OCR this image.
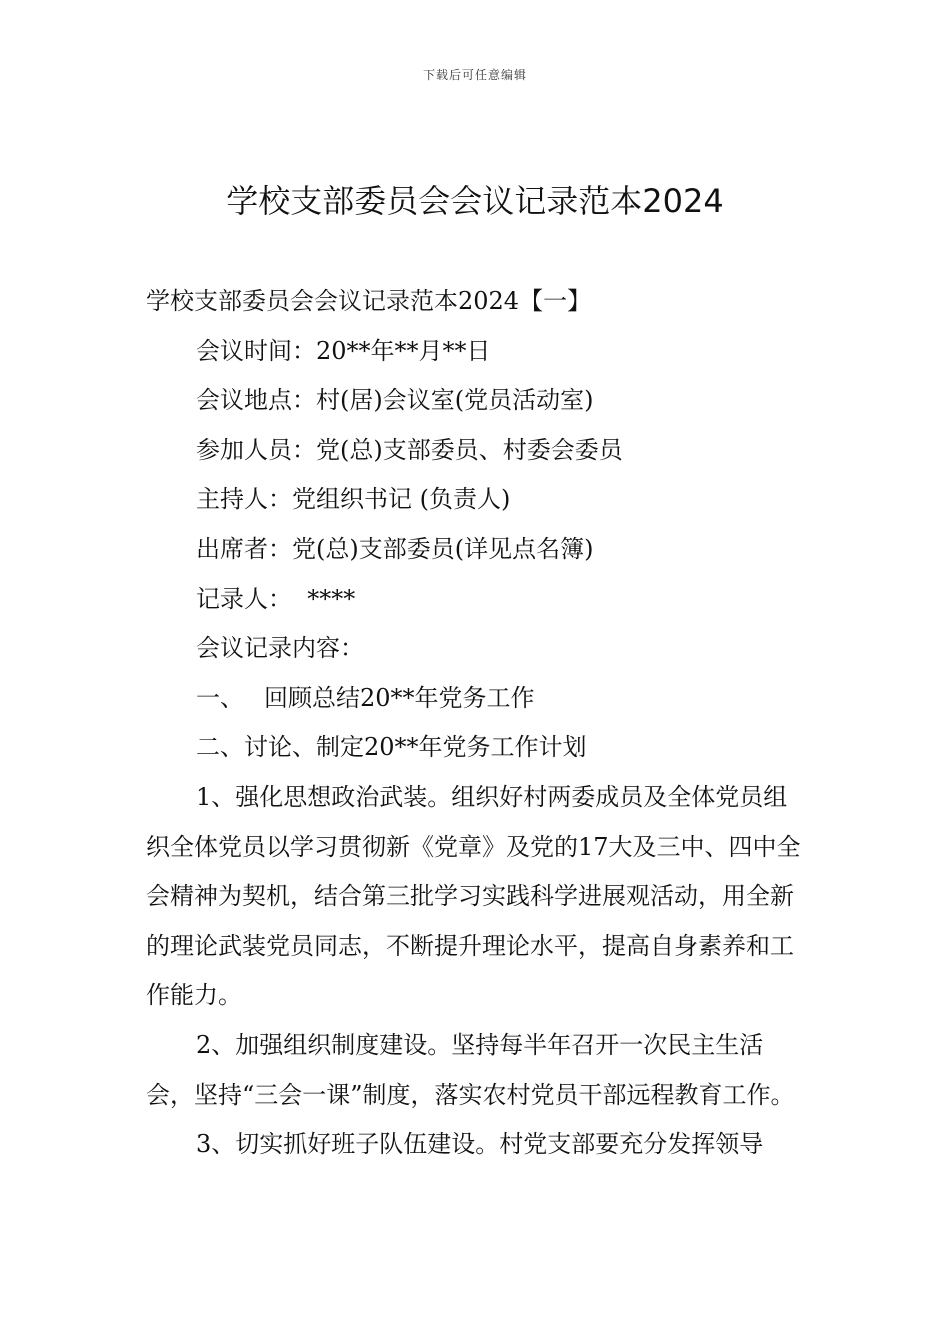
下载后可任意编辑
学校支部委员会会议记录范本2024

学校支部委员会会议记录范本2024【一】

会议时间：20**年**月**日

会议地点：村(居)会议室(党员活动室)

参加人员：党(总)支部委员、村委会委员

主持人：党组织书记 (负责人)

出席者：党(总)支部委员(详见点名簿)

记录人：  ****

会议记录内容：

一、 回顾总结20**年党务工作

二、讨论、制定20**年党务工作计划

1、强化思想政治武装。组织好村两委成员及全体党员组织全体党员以学习贯彻新《党章》及党的17大及三中、四中全会精神为契机，结合第三批学习实践科学进展观活动，用全新的理论武装党员同志，不断提升理论水平，提高自身素养和工作能力。

2、加强组织制度建设。坚持每半年召开一次民主生活会，坚持“三会一课”制度，落实农村党员干部远程教育工作。

3、切实抓好班子队伍建设。村党支部要充分发挥领导
